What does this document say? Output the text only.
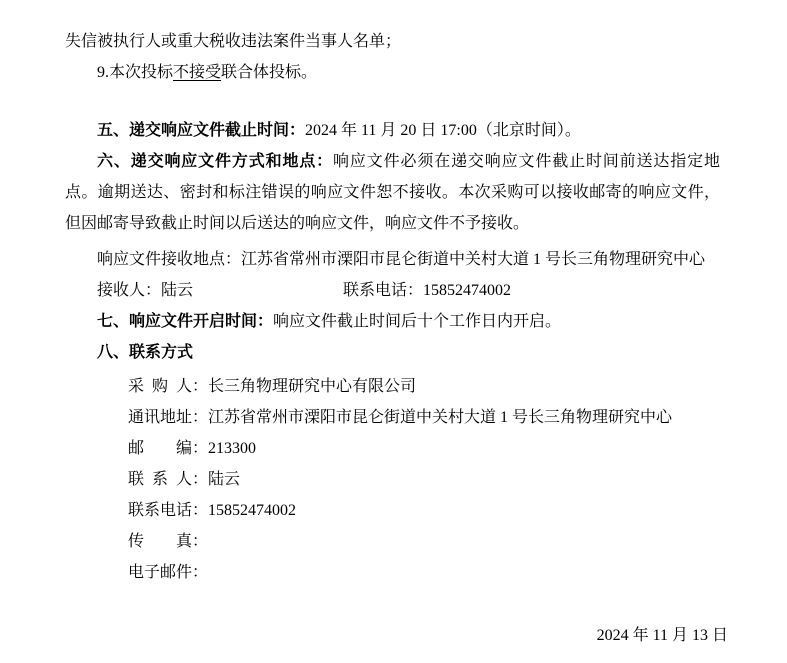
失信被执行人或重大税收违法案件当事人名单；

9.本次投标不接受联合体投标。

五、递交响应文件截止时间：2024 年 11 月 20 日 17:00（北京时间）。

六、递交响应文件方式和地点：响应文件必须在递交响应文件截止时间前送达指定地点。逾期送达、密封和标注错误的响应文件恕不接收。本次采购可以接收邮寄的响应文件，但因邮寄导致截止时间以后送达的响应文件，响应文件不予接收。

响应文件接收地点：江苏省常州市溧阳市昆仑街道中关村大道 1 号长三角物理研究中心

接收人：陆云	联系电话：15852474002

七、响应文件开启时间：响应文件截止时间后十个工作日内开启。

八、联系方式

采购人：长三角物理研究中心有限公司

通讯地址：江苏省常州市溧阳市昆仑街道中关村大道 1 号长三角物理研究中心

邮编：213300

联系人：陆云

联系电话：15852474002

传真：

电子邮件：

2024 年 11 月 13 日
